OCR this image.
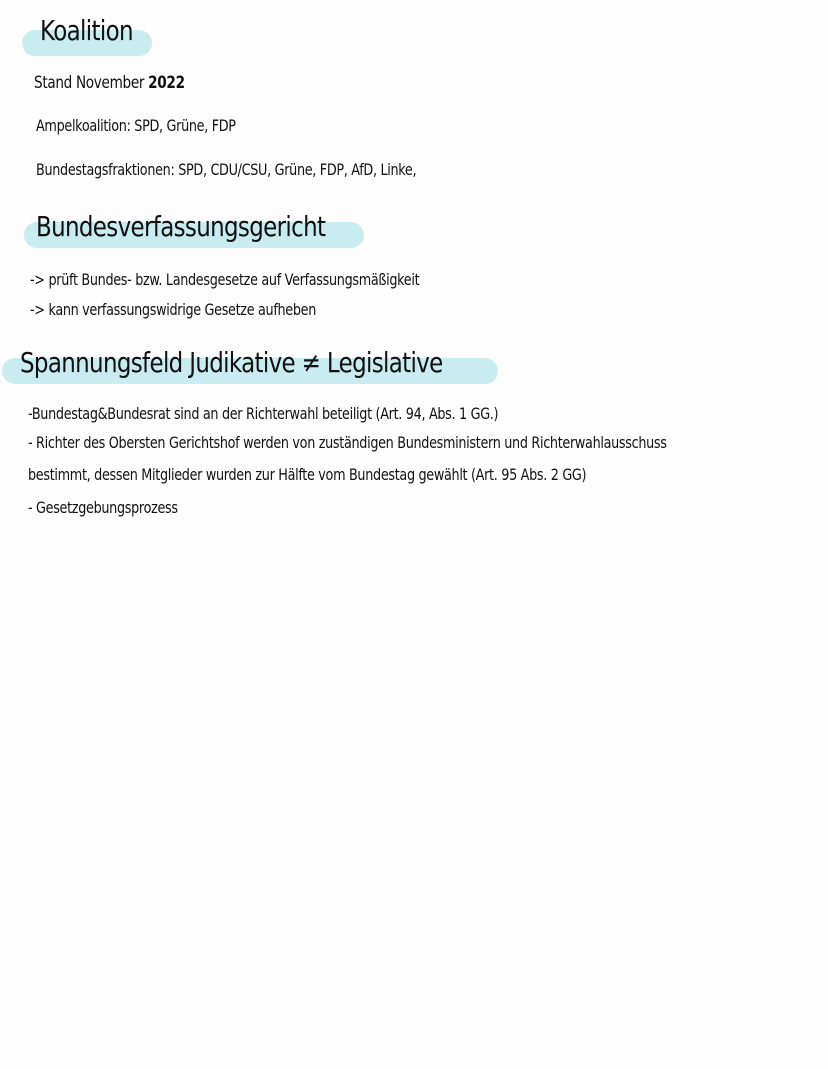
Koalition

Stand November 2022

Ampelkoalition: SPD, Grüne, FDP

Bundestagsfraktionen: SPD, CDU/CSU, Grüne, FDP, AfD, Linke,

Bundesverfassungsgericht

-> prüft Bundes- bzw. Landesgesetze auf Verfassungsmäßigkeit

-> kann verfassungswidrige Gesetze aufheben

Spannungsfeld Judikative ≠ Legislative

-Bundestag&Bundesrat sind an der Richterwahl beteiligt (Art. 94, Abs. 1 GG.)

- Richter des Obersten Gerichtshof werden von zuständigen Bundesministern und Richterwahlausschuss

bestimmt, dessen Mitglieder wurden zur Hälfte vom Bundestag gewählt (Art. 95 Abs. 2 GG)

- Gesetzgebungsprozess
